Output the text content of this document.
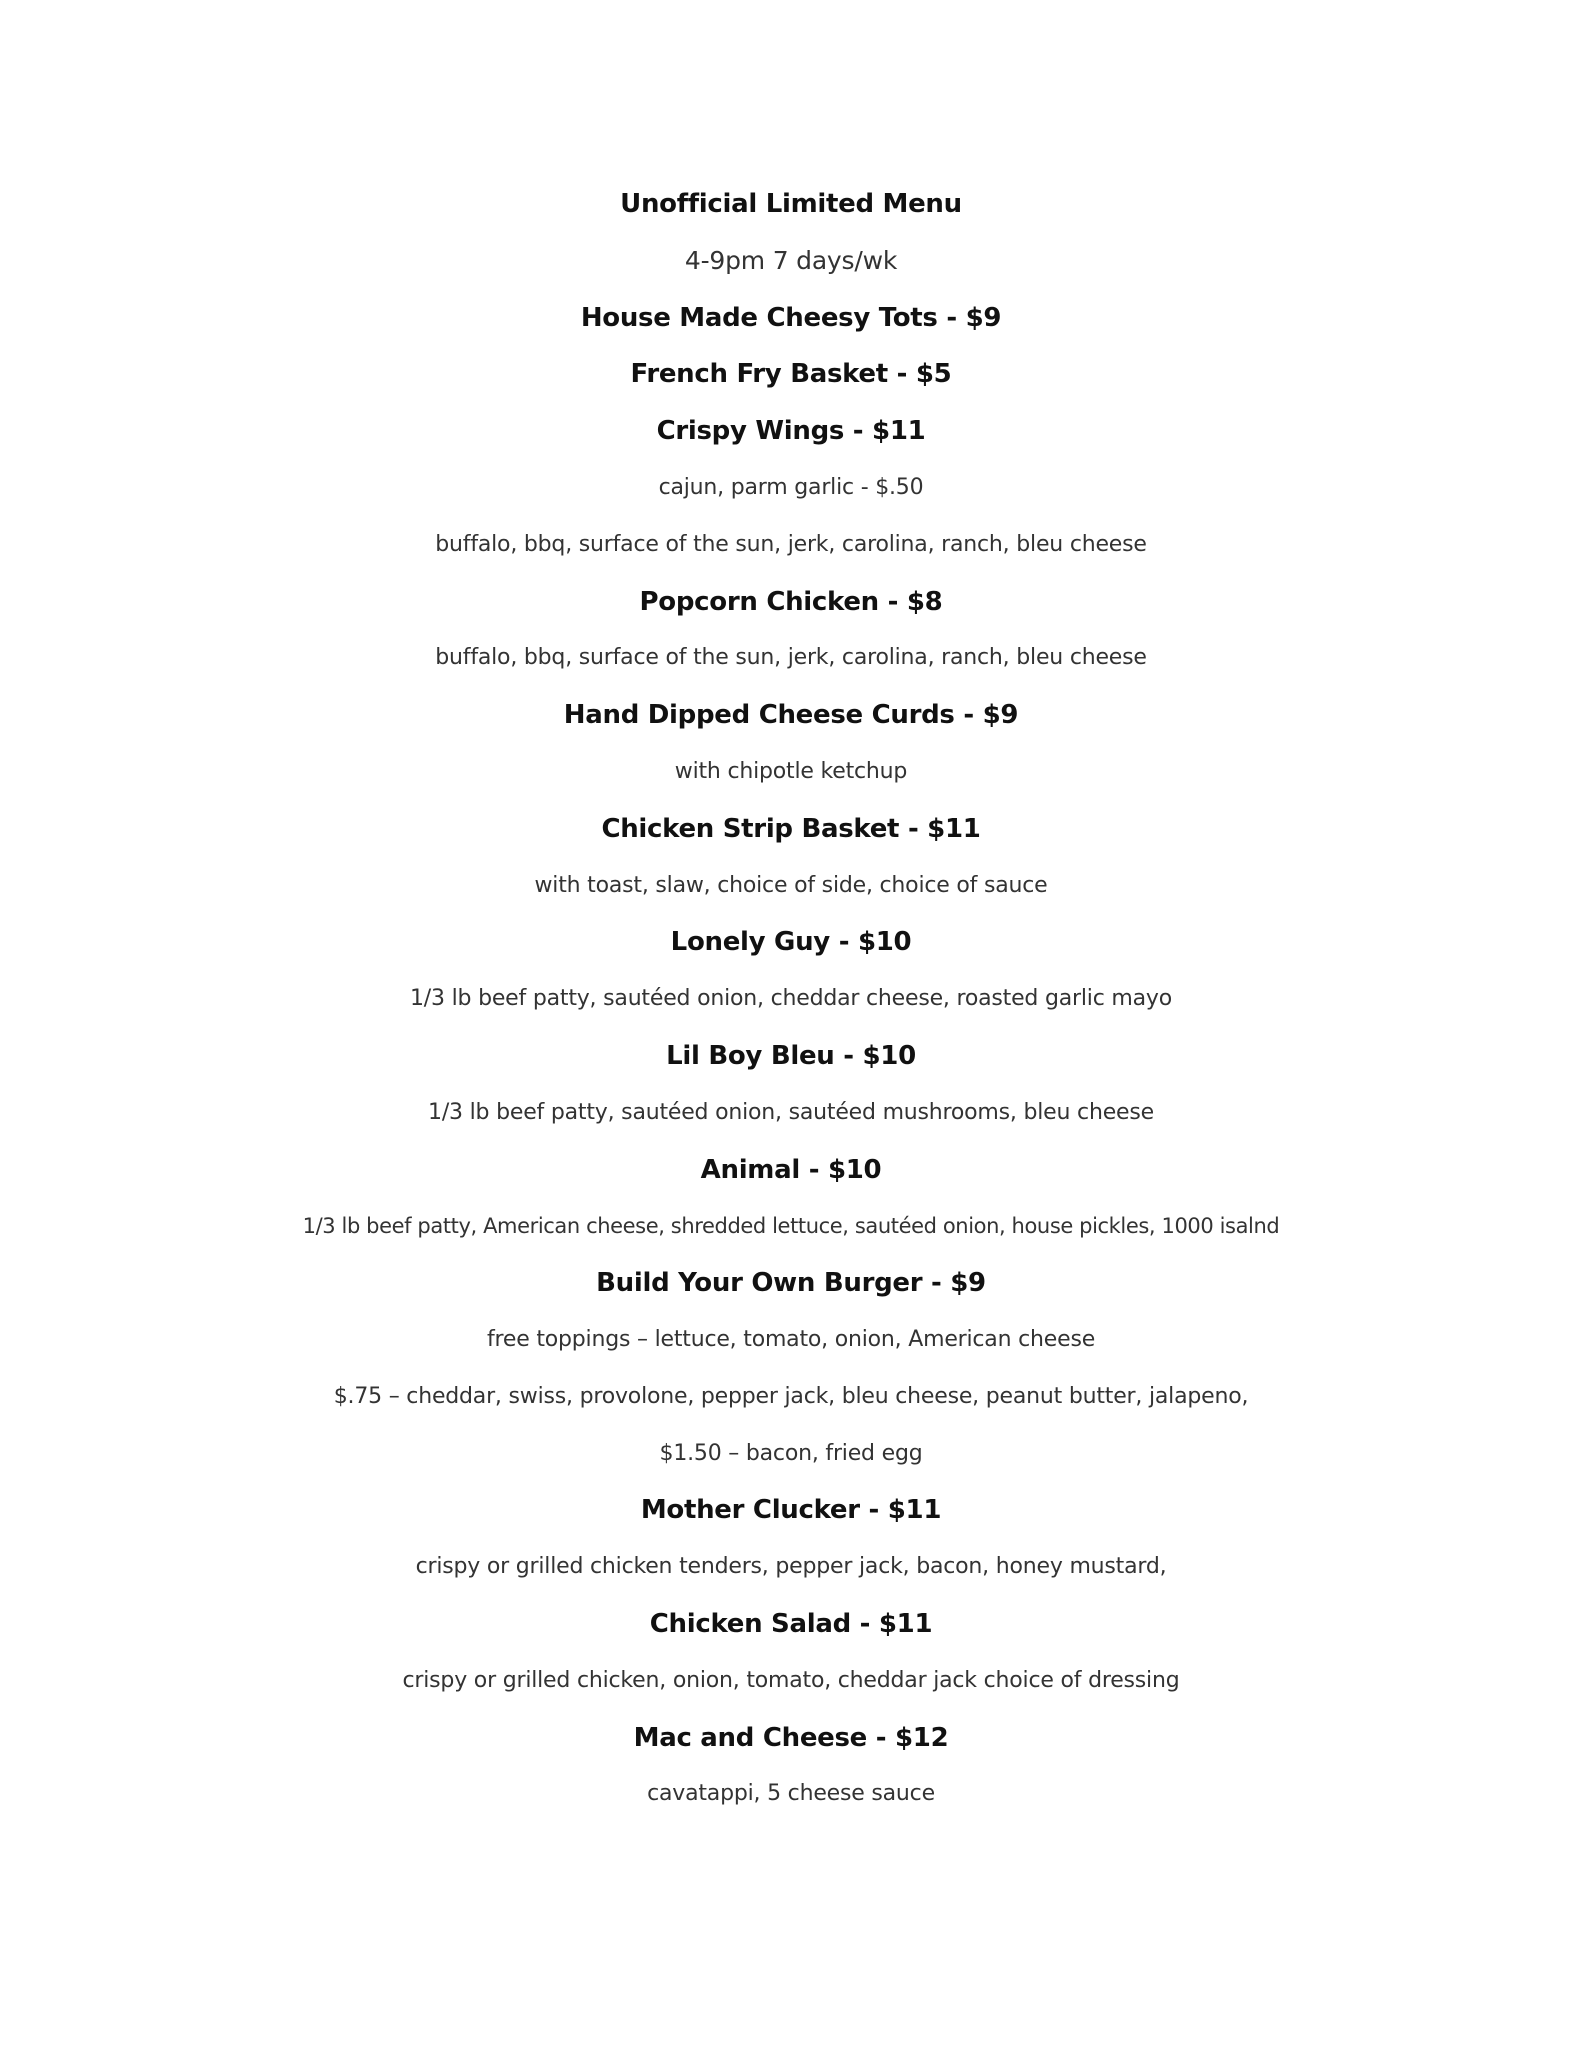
Unofficial Limited Menu
4-9pm 7 days/wk
House Made Cheesy Tots - $9
French Fry Basket - $5
Crispy Wings - $11
cajun, parm garlic - $.50
buffalo, bbq, surface of the sun, jerk, carolina, ranch, bleu cheese
Popcorn Chicken - $8
buffalo, bbq, surface of the sun, jerk, carolina, ranch, bleu cheese
Hand Dipped Cheese Curds - $9
with chipotle ketchup
Chicken Strip Basket - $11
with toast, slaw, choice of side, choice of sauce
Lonely Guy - $10
1/3 lb beef patty, sautéed onion, cheddar cheese, roasted garlic mayo
Lil Boy Bleu - $10
1/3 lb beef patty, sautéed onion, sautéed mushrooms, bleu cheese
Animal - $10
1/3 lb beef patty, American cheese, shredded lettuce, sautéed onion, house pickles, 1000 isalnd
Build Your Own Burger - $9
free toppings – lettuce, tomato, onion, American cheese
$.75 – cheddar, swiss, provolone, pepper jack, bleu cheese, peanut butter, jalapeno,
$1.50 – bacon, fried egg
Mother Clucker - $11
crispy or grilled chicken tenders, pepper jack, bacon, honey mustard,
Chicken Salad - $11
crispy or grilled chicken, onion, tomato, cheddar jack choice of dressing
Mac and Cheese - $12
cavatappi, 5 cheese sauce
